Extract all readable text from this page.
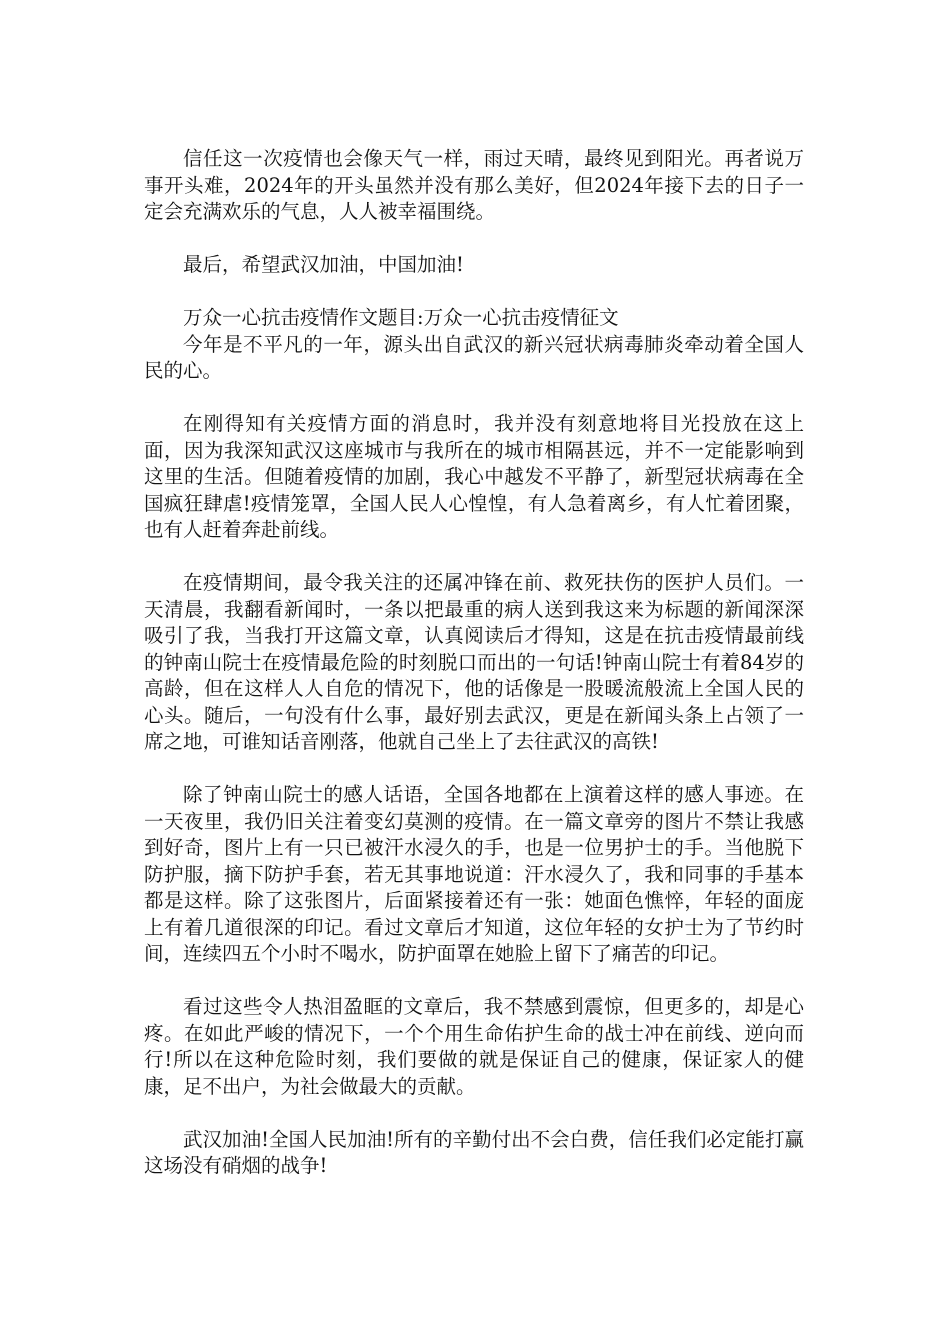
信任这一次疫情也会像天气一样，雨过天晴，最终见到阳光。再者说万事开头难，2024年的开头虽然并没有那么美好，但2024年接下去的日子一定会充满欢乐的气息，人人被幸福围绕。

最后，希望武汉加油，中国加油!

万众一心抗击疫情作文题目:万众一心抗击疫情征文

今年是不平凡的一年，源头出自武汉的新兴冠状病毒肺炎牵动着全国人民的心。

在刚得知有关疫情方面的消息时，我并没有刻意地将目光投放在这上面，因为我深知武汉这座城市与我所在的城市相隔甚远，并不一定能影响到这里的生活。但随着疫情的加剧，我心中越发不平静了，新型冠状病毒在全国疯狂肆虐!疫情笼罩，全国人民人心惶惶，有人急着离乡，有人忙着团聚，也有人赶着奔赴前线。

在疫情期间，最令我关注的还属冲锋在前、救死扶伤的医护人员们。一天清晨，我翻看新闻时，一条以把最重的病人送到我这来为标题的新闻深深吸引了我，当我打开这篇文章，认真阅读后才得知，这是在抗击疫情最前线的钟南山院士在疫情最危险的时刻脱口而出的一句话!钟南山院士有着84岁的高龄，但在这样人人自危的情况下，他的话像是一股暖流般流上全国人民的心头。随后，一句没有什么事，最好别去武汉，更是在新闻头条上占领了一席之地，可谁知话音刚落，他就自己坐上了去往武汉的高铁!

除了钟南山院士的感人话语，全国各地都在上演着这样的感人事迹。在一天夜里，我仍旧关注着变幻莫测的疫情。在一篇文章旁的图片不禁让我感到好奇，图片上有一只已被汗水浸久的手，也是一位男护士的手。当他脱下防护服，摘下防护手套，若无其事地说道：汗水浸久了，我和同事的手基本都是这样。除了这张图片，后面紧接着还有一张：她面色憔悴，年轻的面庞上有着几道很深的印记。看过文章后才知道，这位年轻的女护士为了节约时间，连续四五个小时不喝水，防护面罩在她脸上留下了痛苦的印记。

看过这些令人热泪盈眶的文章后，我不禁感到震惊，但更多的，却是心疼。在如此严峻的情况下，一个个用生命佑护生命的战士冲在前线、逆向而行!所以在这种危险时刻，我们要做的就是保证自己的健康，保证家人的健康，足不出户，为社会做最大的贡献。

武汉加油!全国人民加油!所有的辛勤付出不会白费，信任我们必定能打赢这场没有硝烟的战争!
